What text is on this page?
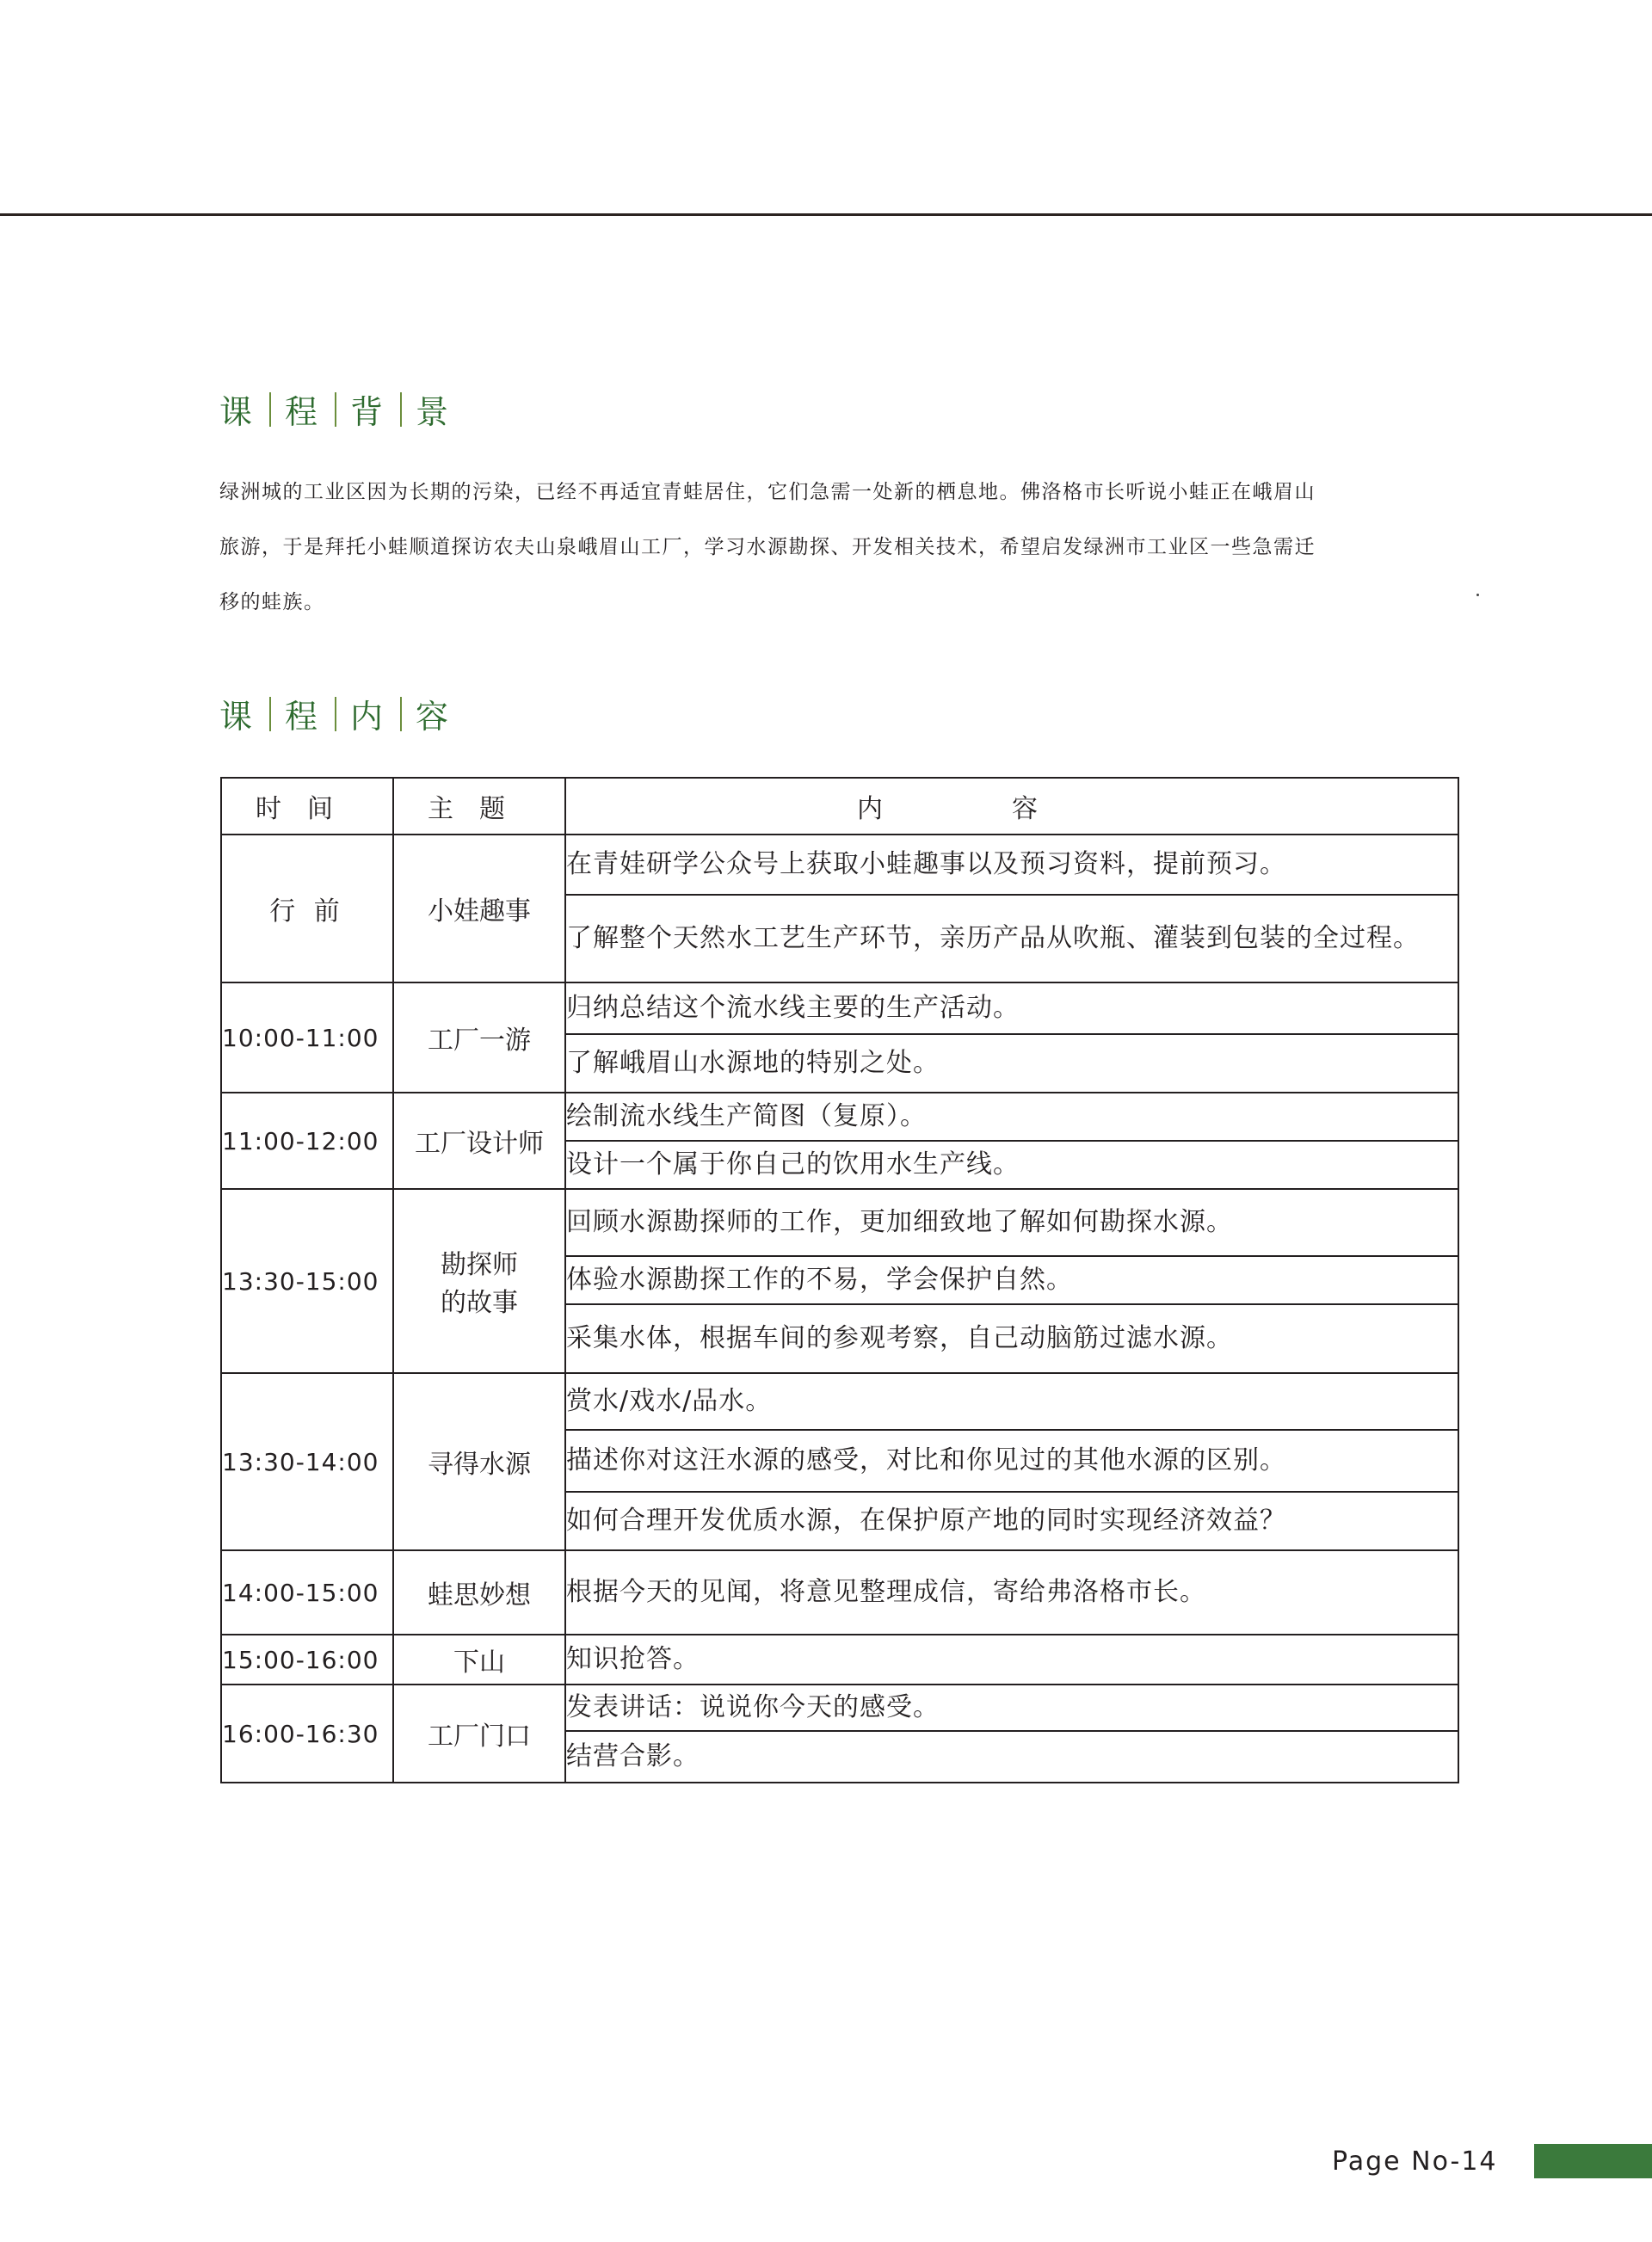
课 程 背 景

绿洲城的工业区因为长期的污染，已经不再适宜青蛙居住，它们急需一处新的栖息地。佛洛格市长听说小蛙正在峨眉山

旅游，于是拜托小蛙顺道探访农夫山泉峨眉山工厂，学习水源勘探、开发相关技术，希望启发绿洲市工业区一些急需迁

移的蛙族。

课 程 内 容
时间	主题	内容
行 前	小娃趣事	在青娃研学公众号上获取小蛙趣事以及预习资料，提前预习。
		了解整个天然水工艺生产环节，亲历产品从吹瓶、灌装到包装的全过程。
10:00-11:00	工厂一游	归纳总结这个流水线主要的生产活动。
		了解峨眉山水源地的特别之处。
11:00-12:00	工厂设计师	绘制流水线生产简图（复原）。
		设计一个属于你自己的饮用水生产线。
13:30-15:00	勘探师的故事	回顾水源勘探师的工作，更加细致地了解如何勘探水源。
		体验水源勘探工作的不易，学会保护自然。
		采集水体，根据车间的参观考察，自己动脑筋过滤水源。
13:30-14:00	寻得水源	赏水/戏水/品水。
		描述你对这汪水源的感受，对比和你见过的其他水源的区别。
		如何合理开发优质水源，在保护原产地的同时实现经济效益？
14:00-15:00	蛙思妙想	根据今天的见闻，将意见整理成信，寄给弗洛格市长。
15:00-16:00	下山	知识抢答。
16:00-16:30	工厂门口	发表讲话：说说你今天的感受。
		结营合影。
Page No-14
